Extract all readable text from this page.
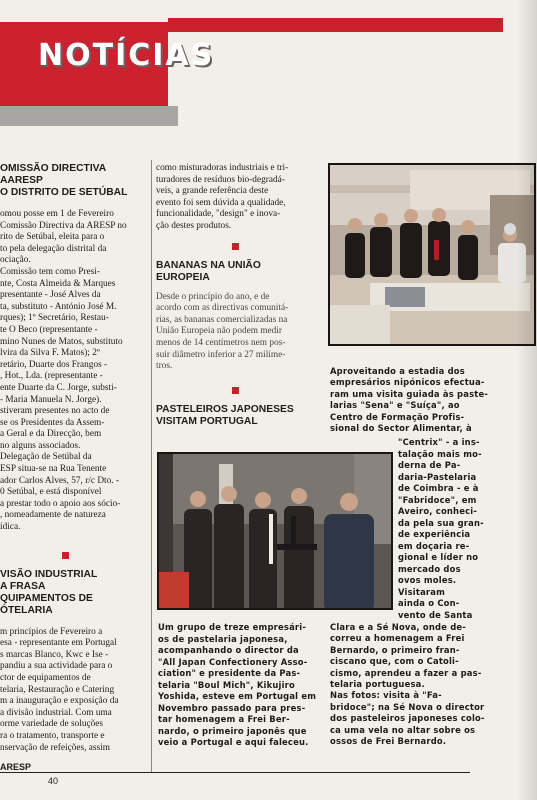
NOTÍCIAS
OMISSÃO DIRECTIVA
AARESP
O DISTRITO DE SETÚBAL
omou posse em 1 de Fevereiro
Comissão Directiva da ARESP no
rito de Setúbal, eleita para o
to pela delegação distrital da
ociação.
Comissão tem como Presi-
nte, Costa Almeida & Marques
presentante - José Alves da
ta, substituto - António José M.
rques); 1º Secretário, Restau-
te O Beco (representante -
mino Nunes de Matos, substituto
lvira da Silva F. Matos); 2º
retário, Duarte dos Frangos -
, Hot., Lda. (representante -
ente Duarte da C. Jorge, substi-
- Maria Manuela N. Jorge).
stiveram presentes no acto de
se os Presidentes da Assem-
a Geral e da Direcção, bem
no alguns associados.
Delegação de Setúbal da
ESP situa-se na Rua Tenente
ador Carlos Alves, 57, r/c Dto. -
0 Setúbal, e está disponível
a prestar todo o apoio aos sócio-
, nomeadamente de natureza
ídica.
VISÃO INDUSTRIAL
A FRASA
QUIPAMENTOS DE
ÓTELARIA
m princípios de Fevereiro a
esa - representante em Portugal
s marcas Blanco, Kwc e Ise -
pandiu a sua actividade para o
ctor de equipamentos de
telaria, Restauração e Catering
m a inauguração e exposição da
a divisão industrial. Com uma
orme variedade de soluções
ra o tratamento, transporte e
nservação de refeições, assim
como misturadoras industriais e tri-
turadores de resíduos bio-degradá-
veis, a grande referência deste
evento foi sem dúvida a qualidade,
funcionalidade, "design" e inova-
ção destes produtos.
BANANAS NA UNIÃO
EUROPEIA
Desde o princípio do ano, e de
acordo com as directivas comunitá-
rias, as bananas comercializadas na
União Europeia não podem medir
menos de 14 centímetros nem pos-
suir diâmetro inferior a 27 milíme-
tros.
PASTELEIROS JAPONESES
VISITAM PORTUGAL
Aproveitando a estadia dos
empresários nipónicos efectua-
ram uma visita guiada às paste-
larias "Sena" e "Suíça", ao
Centro de Formação Profis-
sional do Sector Alimentar, à
"Centrix" - a ins-
talação mais mo-
derna de Pa-
daria-Pastelaria
de Coimbra - e à
"Fabridoce", em
Aveiro, conheci-
da pela sua gran-
de experiência
em doçaria re-
gional e líder no
mercado dos
ovos moles.
Visitaram
ainda o Con-
vento de Santa
Clara e a Sé Nova, onde de-
correu a homenagem a Frei
Bernardo, o primeiro fran-
ciscano que, com o Catoli-
cismo, aprendeu a fazer a pas-
telaria portuguesa.
Nas fotos: visita à "Fa-
bridoce"; na Sé Nova o director
dos pasteleiros japoneses colo-
ca uma vela no altar sobre os
ossos de Frei Bernardo.
Um grupo de treze empresári-
os de pastelaria japonesa,
acompanhando o director da
"All Japan Confectionery Asso-
ciation" e presidente da Pas-
telaria "Boul Mich", Kikujiro
Yoshida, esteve em Portugal em
Novembro passado para pres-
tar homenagem a Frei Ber-
nardo, o primeiro japonês que
veio a Portugal e aqui faleceu.
ARESP
40
